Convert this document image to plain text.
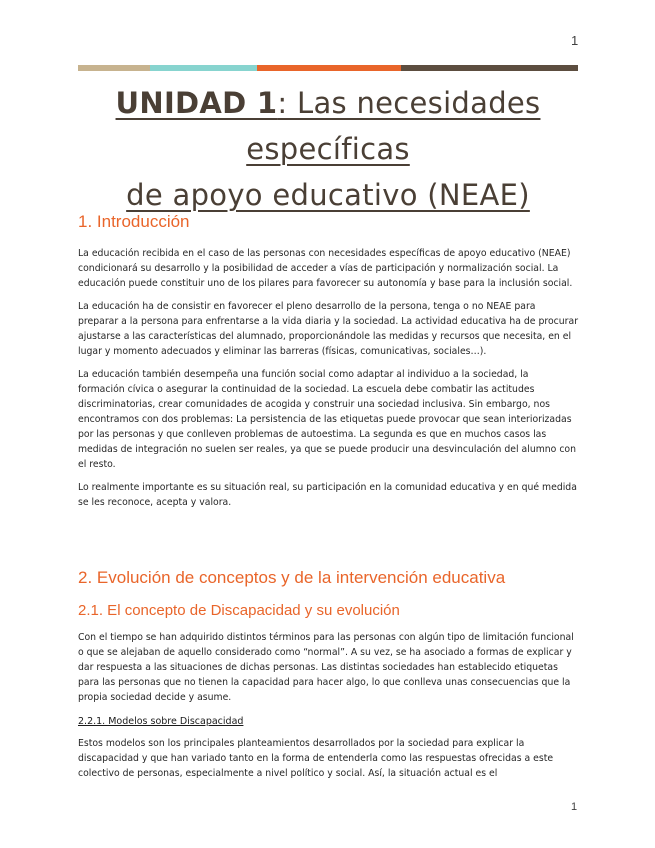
1
UNIDAD 1: Las necesidades específicas
de apoyo educativo (NEAE)
1. Introducción

La educación recibida en el caso de las personas con necesidades específicas de apoyo educativo (NEAE) condicionará su desarrollo y la posibilidad de acceder a vías de participación y normalización social. La educación puede constituir uno de los pilares para favorecer su autonomía y base para la inclusión social.

La educación ha de consistir en favorecer el pleno desarrollo de la persona, tenga o no NEAE para preparar a la persona para enfrentarse a la vida diaria y la sociedad. La actividad educativa ha de procurar ajustarse a las características del alumnado, proporcionándole las medidas y recursos que necesita, en el lugar y momento adecuados y eliminar las barreras (físicas, comunicativas, sociales…).

La educación también desempeña una función social como adaptar al individuo a la sociedad, la formación cívica o asegurar la continuidad de la sociedad. La escuela debe combatir las actitudes discriminatorias, crear comunidades de acogida y construir una sociedad inclusiva. Sin embargo, nos encontramos con dos problemas: La persistencia de las etiquetas puede provocar que sean interiorizadas por las personas y que conlleven problemas de autoestima. La segunda es que en muchos casos las medidas de integración no suelen ser reales, ya que se puede producir una desvinculación del alumno con el resto.

Lo realmente importante es su situación real, su participación en la comunidad educativa y en qué medida se les reconoce, acepta y valora.

2. Evolución de conceptos y de la intervención educativa
2.1. El concepto de Discapacidad y su evolución

Con el tiempo se han adquirido distintos términos para las personas con algún tipo de limitación funcional o que se alejaban de aquello considerado como “normal”. A su vez, se ha asociado a formas de explicar y dar respuesta a las situaciones de dichas personas. Las distintas sociedades han establecido etiquetas para las personas que no tienen la capacidad para hacer algo, lo que conlleva unas consecuencias que la propia sociedad decide y asume.

2.2.1. Modelos sobre Discapacidad

Estos modelos son los principales planteamientos desarrollados por la sociedad para explicar la discapacidad y que han variado tanto en la forma de entenderla como las respuestas ofrecidas a este colectivo de personas, especialmente a nivel político y social. Así, la situación actual es el

1
